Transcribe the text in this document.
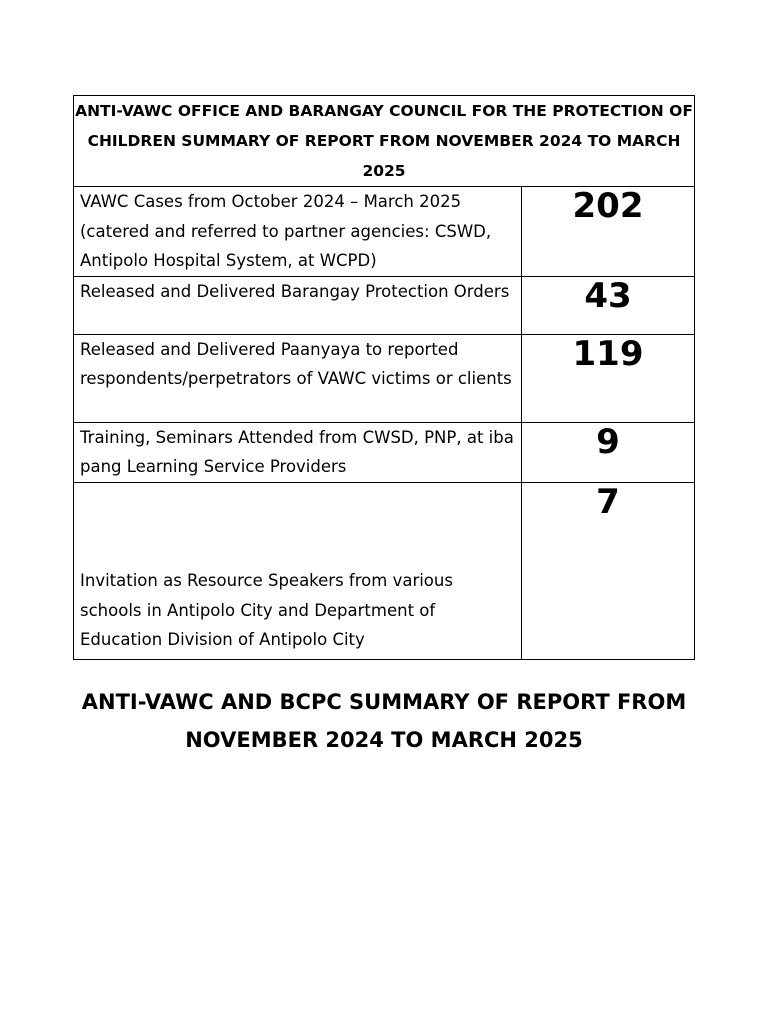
ANTI-VAWC OFFICE AND BARANGAY COUNCIL FOR THE PROTECTION OF CHILDREN SUMMARY OF REPORT FROM NOVEMBER 2024 TO MARCH 2025	
VAWC Cases from October 2024 – March 2025 (catered and referred to partner agencies: CSWD, Antipolo Hospital System, at WCPD)	202
Released and Delivered Barangay Protection Orders	43
Released and Delivered Paanyaya to reported respondents/perpetrators of VAWC victims or clients	119
Training, Seminars Attended from CWSD, PNP, at iba pang Learning Service Providers	9
Invitation as Resource Speakers from various schools in Antipolo City and Department of Education Division of Antipolo City	7
ANTI-VAWC AND BCPC SUMMARY OF REPORT FROM NOVEMBER 2024 TO MARCH 2025
